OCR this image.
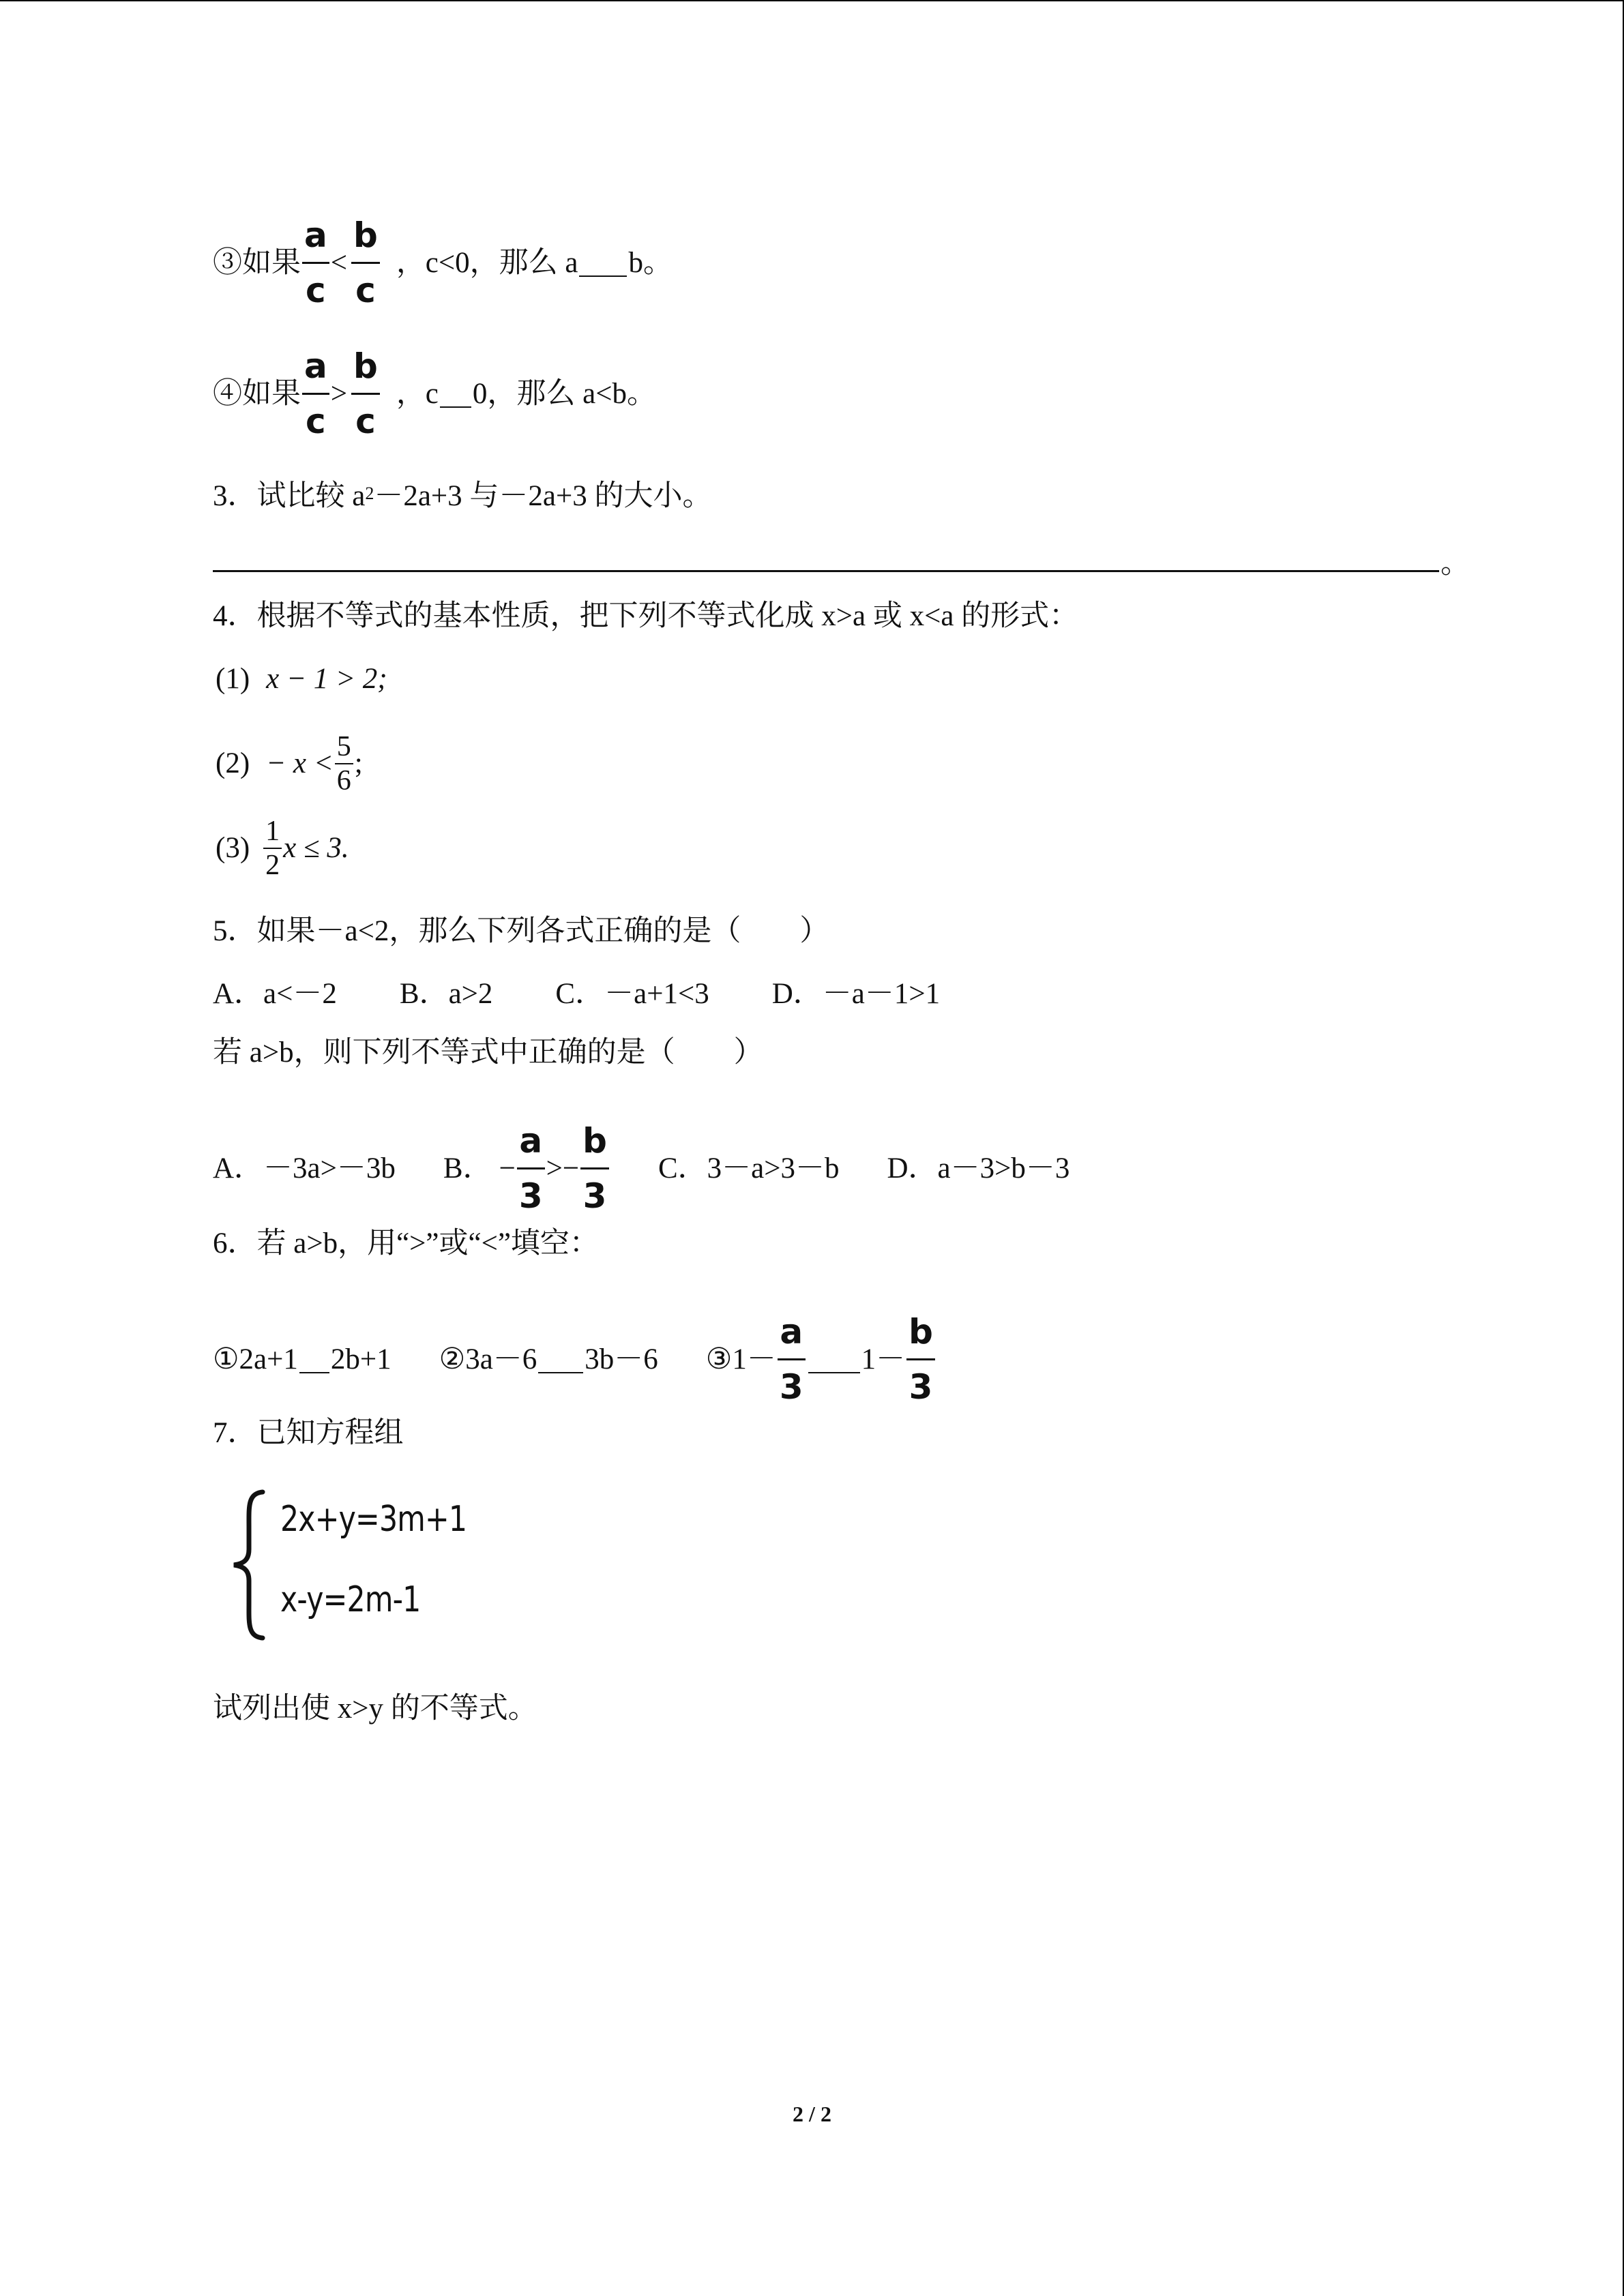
③如果 $\frac{a}{c} < \frac{b}{c}$ ，c<0，那么 a b。
④如果 $\frac{a}{c} > \frac{b}{c}$ ，c 0，那么 a<b。
3．试比较 $a^2 -2a+3$ 与－2a+3 的大小。
。
4．根据不等式的基本性质，把下列不等式化成 x>a 或 x<a 的形式：
(1) x − 1 > 2;
$(2) - x < \frac{5}{6}$ ;
$(3) \frac{1}{2}$ x ≤ 3.
5．如果－a<2，那么下列各式正确的是（　　）
A．a<－2 B．a>2 C．－a+1<3 D．－a－1>1
若 a>b，则下列不等式中正确的是（　　）
A．－3a>－3b B． − $\frac{a}{3}$ > − $\frac{b}{3}$ C．3－a>3－b D．a－3>b－3
6．若 a>b，用“>”或“<”填空：
①2a+1 2b+1 ②3a－6 3b－6 ③1－ $\frac{a}{3} 1- \frac{b}{3}$
7．已知方程组
2x+y=3m+1
x-y=2m-1
试列出使 x>y 的不等式。
2 / 2
